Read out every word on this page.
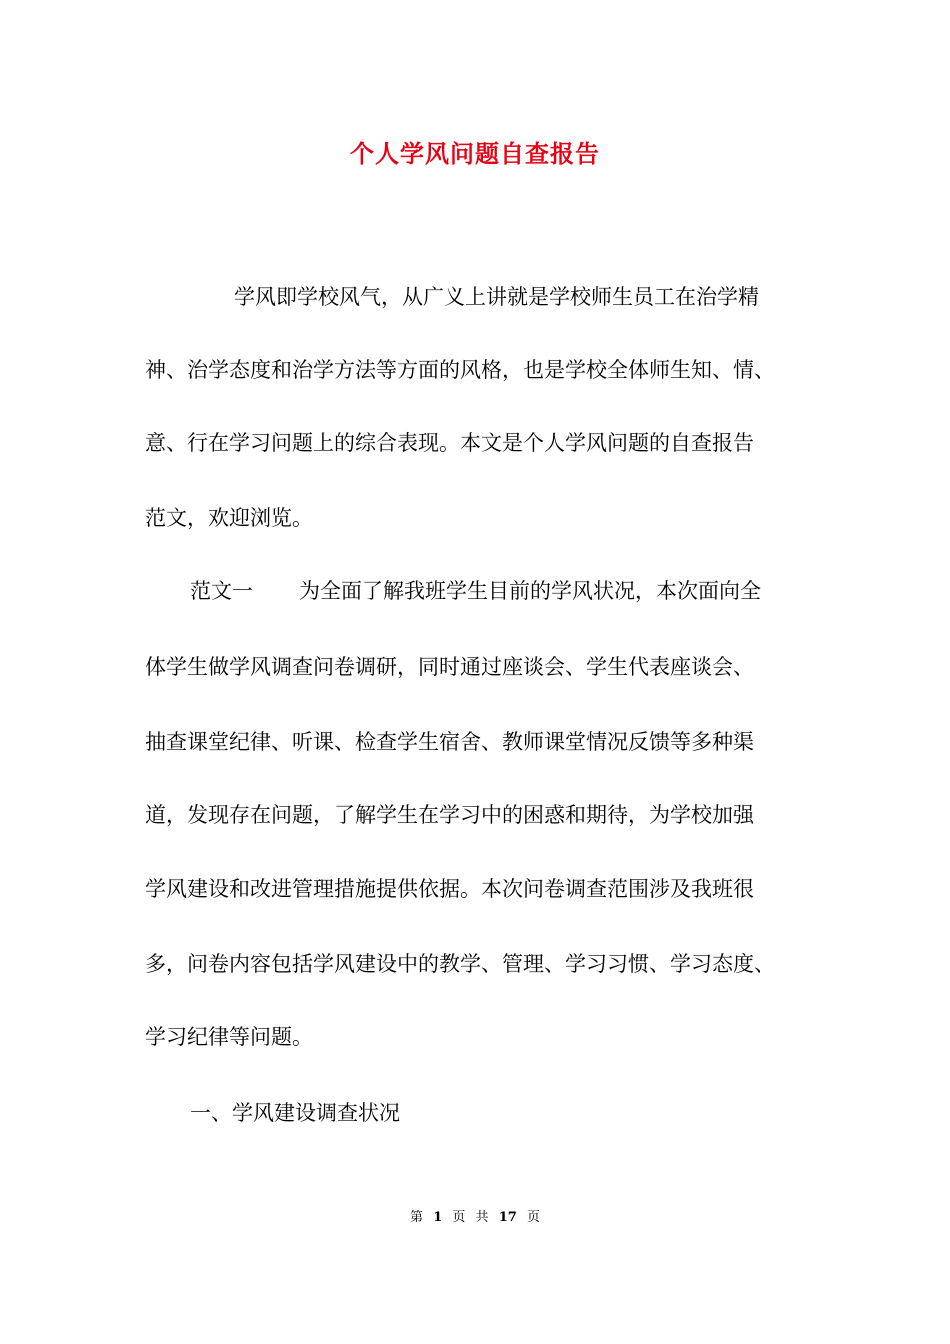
个人学风问题自查报告
学风即学校风气，从广义上讲就是学校师生员工在治学精
神、治学态度和治学方法等方面的风格，也是学校全体师生知、情、
意、行在学习问题上的综合表现。本文是个人学风问题的自查报告
范文，欢迎浏览。
范文一 为全面了解我班学生目前的学风状况，本次面向全
体学生做学风调查问卷调研，同时通过座谈会、学生代表座谈会、
抽查课堂纪律、听课、检查学生宿舍、教师课堂情况反馈等多种渠
道，发现存在问题，了解学生在学习中的困惑和期待，为学校加强
学风建设和改进管理措施提供依据。本次问卷调查范围涉及我班很
多，问卷内容包括学风建设中的教学、管理、学习习惯、学习态度、
学习纪律等问题。
一、学风建设调查状况
第 1 页 共 17 页
